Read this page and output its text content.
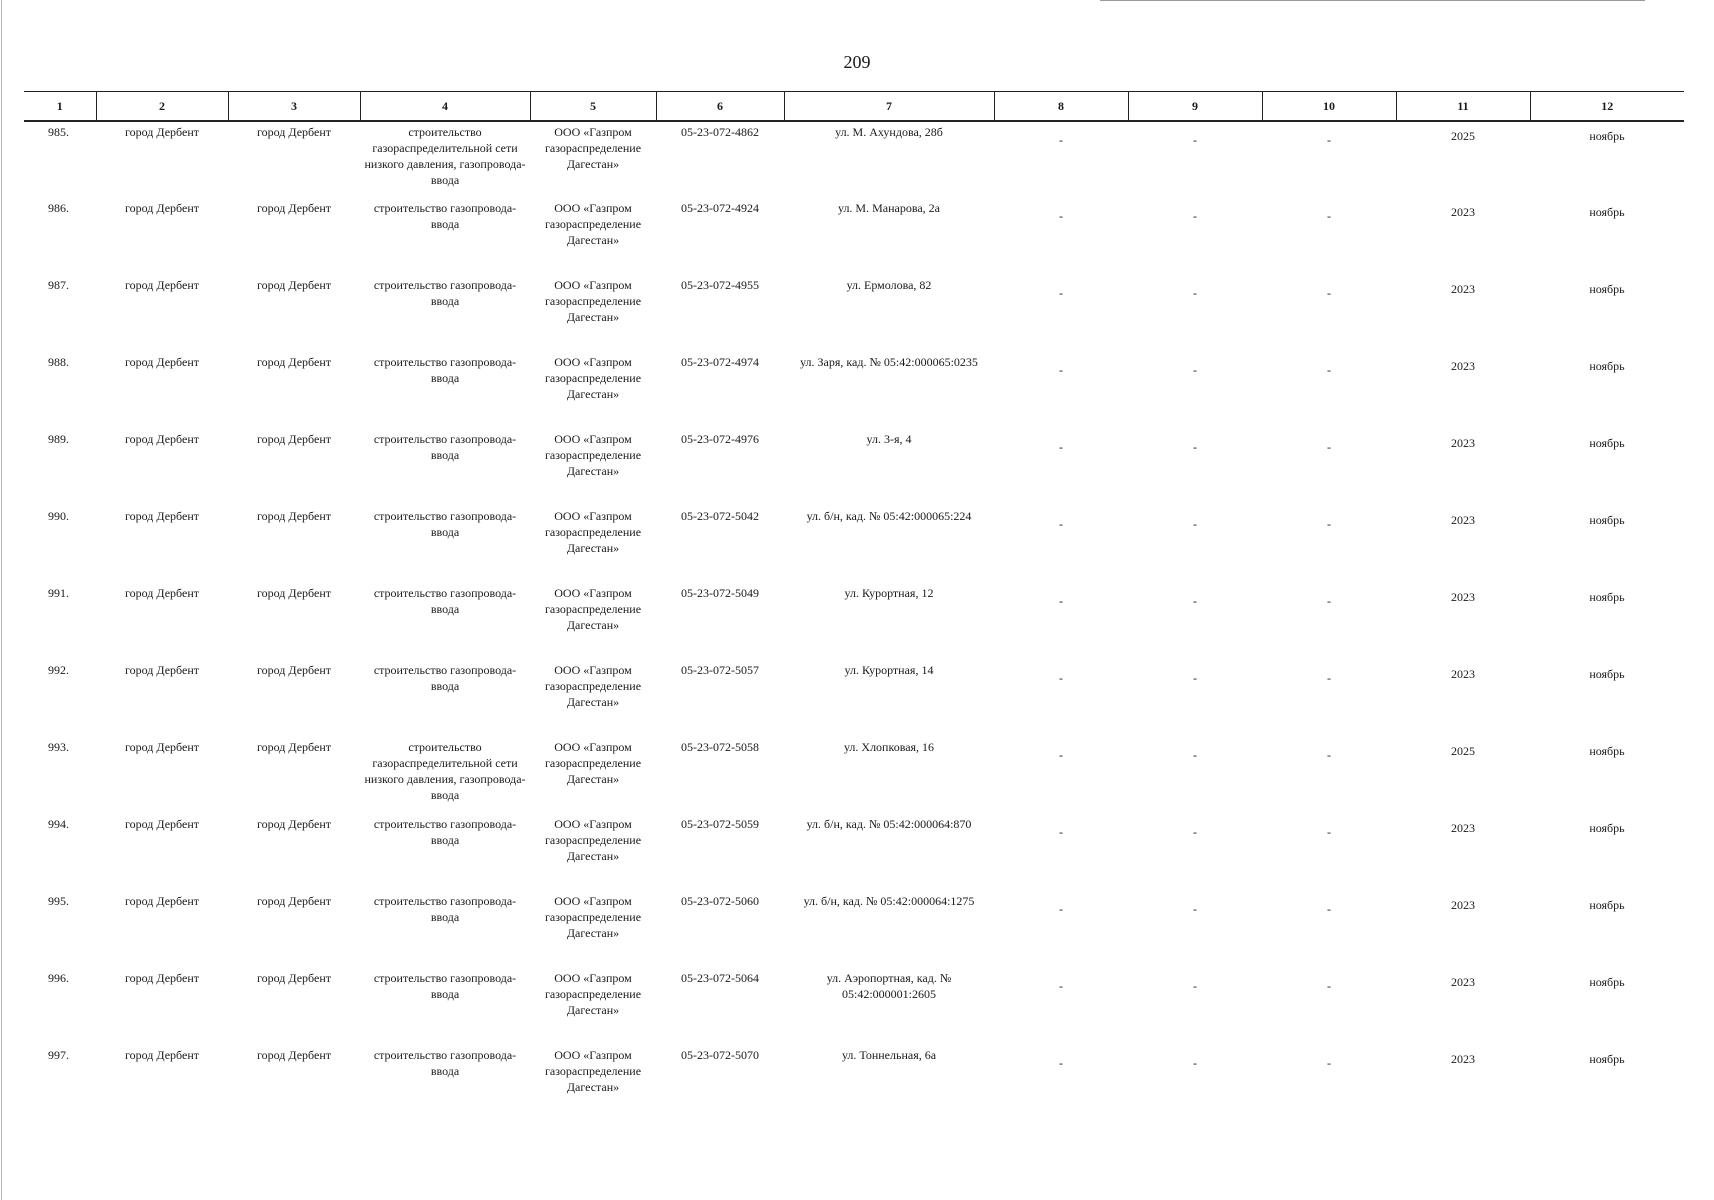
209
1	2	3	4	5	6	7	8	9	10	11	12
985.	город Дербент	город Дербент	строительство газораспределительной сети низкого давления, газопровода-ввода	ООО «Газпром газораспределение Дагестан»	05-23-072-4862	ул. М. Ахундова, 28б	-	-	-	2025	ноябрь
986.	город Дербент	город Дербент	строительство газопровода-ввода	ООО «Газпром газораспределение Дагестан»	05-23-072-4924	ул. М. Манарова, 2а	-	-	-	2023	ноябрь
987.	город Дербент	город Дербент	строительство газопровода-ввода	ООО «Газпром газораспределение Дагестан»	05-23-072-4955	ул. Ермолова, 82	-	-	-	2023	ноябрь
988.	город Дербент	город Дербент	строительство газопровода-ввода	ООО «Газпром газораспределение Дагестан»	05-23-072-4974	ул. Заря, кад. № 05:42:000065:0235	-	-	-	2023	ноябрь
989.	город Дербент	город Дербент	строительство газопровода-ввода	ООО «Газпром газораспределение Дагестан»	05-23-072-4976	ул. 3-я, 4	-	-	-	2023	ноябрь
990.	город Дербент	город Дербент	строительство газопровода-ввода	ООО «Газпром газораспределение Дагестан»	05-23-072-5042	ул. б/н, кад. № 05:42:000065:224	-	-	-	2023	ноябрь
991.	город Дербент	город Дербент	строительство газопровода-ввода	ООО «Газпром газораспределение Дагестан»	05-23-072-5049	ул. Курортная, 12	-	-	-	2023	ноябрь
992.	город Дербент	город Дербент	строительство газопровода-ввода	ООО «Газпром газораспределение Дагестан»	05-23-072-5057	ул. Курортная, 14	-	-	-	2023	ноябрь
993.	город Дербент	город Дербент	строительство газораспределительной сети низкого давления, газопровода-ввода	ООО «Газпром газораспределение Дагестан»	05-23-072-5058	ул. Хлопковая, 16	-	-	-	2025	ноябрь
994.	город Дербент	город Дербент	строительство газопровода-ввода	ООО «Газпром газораспределение Дагестан»	05-23-072-5059	ул. б/н, кад. № 05:42:000064:870	-	-	-	2023	ноябрь
995.	город Дербент	город Дербент	строительство газопровода-ввода	ООО «Газпром газораспределение Дагестан»	05-23-072-5060	ул. б/н, кад. № 05:42:000064:1275	-	-	-	2023	ноябрь
996.	город Дербент	город Дербент	строительство газопровода-ввода	ООО «Газпром газораспределение Дагестан»	05-23-072-5064	ул. Аэропортная, кад. № 05:42:000001:2605	-	-	-	2023	ноябрь
997.	город Дербент	город Дербент	строительство газопровода-ввода	ООО «Газпром газораспределение Дагестан»	05-23-072-5070	ул. Тоннельная, 6а	-	-	-	2023	ноябрь
